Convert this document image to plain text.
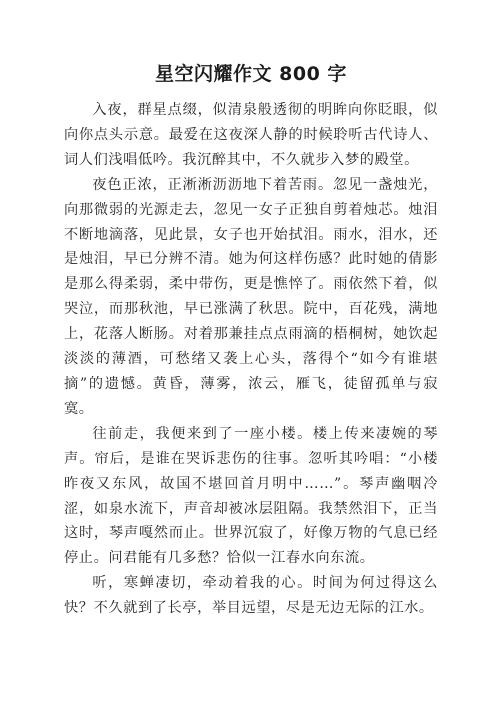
星空闪耀作文 800 字

入夜，群星点缀，似清泉般透彻的明眸向你眨眼，似向你点头示意。最爱在这夜深人静的时候聆听古代诗人、词人们浅唱低吟。我沉醉其中，不久就步入梦的殿堂。

夜色正浓，正淅淅沥沥地下着苦雨。忽见一盏烛光，向那微弱的光源走去，忽见一女子正独自剪着烛芯。烛泪不断地滴落，见此景，女子也开始拭泪。雨水，泪水，还是烛泪，早已分辨不清。她为何这样伤感？此时她的倩影是那么得柔弱，柔中带伤，更是憔悴了。雨依然下着，似哭泣，而那秋池，早已涨满了秋思。院中，百花残，满地上，花落人断肠。对着那兼挂点点雨滴的梧桐树，她饮起淡淡的薄酒，可愁绪又袭上心头，落得个“如今有谁堪摘”的遗憾。黄昏，薄雾，浓云，雁飞，徒留孤单与寂寞。

往前走，我便来到了一座小楼。楼上传来凄婉的琴声。帘后，是谁在哭诉悲伤的往事。忽听其吟唱：“小楼昨夜又东风，故国不堪回首月明中……”。琴声幽咽冷涩，如泉水流下，声音却被冰层阻隔。我禁然泪下，正当这时，琴声嘎然而止。世界沉寂了，好像万物的气息已经停止。问君能有几多愁？恰似一江春水向东流。

听，寒蝉凄切，牵动着我的心。时间为何过得这么快？不久就到了长亭，举目远望，尽是无边无际的江水。
